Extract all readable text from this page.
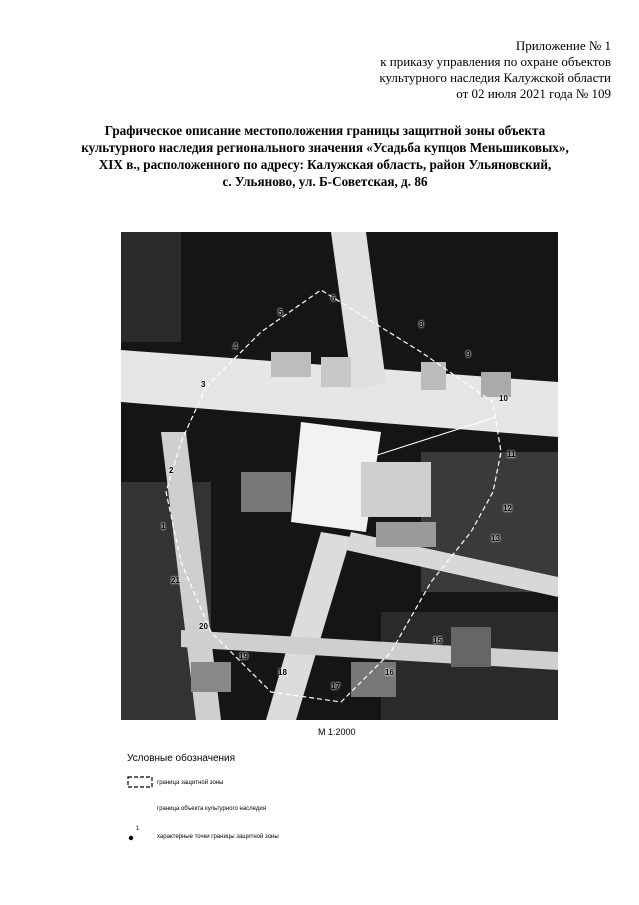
Приложение № 1
к приказу управления по охране объектов
культурного наследия Калужской области
от 02 июля 2021 года № 109
Графическое описание местоположения границы защитной зоны объекта
культурного наследия регионального значения «Усадьба купцов Меньшиковых»,
XIX в., расположенного по адресу: Калужская область, район Ульяновский,
с. Ульяново, ул. Б-Советская, д. 86
100 м
3
4
5
6
8
9
10
11
12
13
15
16
17
18
19
20
21
1
2
М 1:2000
Условные обозначения
граница защитной зоны
граница объекта культурного наследия
1
характерные точки границы защитной зоны
